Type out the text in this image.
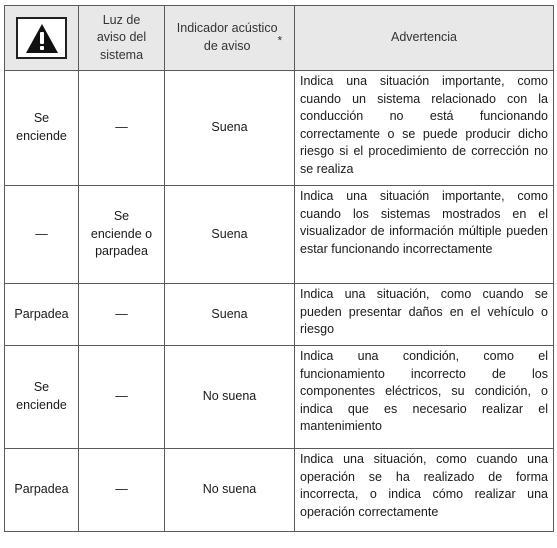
	Luz de
aviso del
sistema	Indicador acústico
de aviso *	Advertencia
Se
enciende	—	Suena	Indica una situación importante, como cuando un sistema relacionado con la conducción no está funcionando correctamente o se puede producir dicho riesgo si el procedimiento de corrección no se realiza
—	Se
enciende o
parpadea	Suena	Indica una situación importante, como cuando los sistemas mostrados en el visualizador de información múltiple pueden estar funcionando incorrectamente
Parpadea	—	Suena	Indica una situación, como cuando se pueden presentar daños en el vehículo o riesgo
Se
enciende	—	No suena	Indica una condición, como el funcionamiento incorrecto de los componentes eléctricos, su condición, o indica que es necesario realizar el mantenimiento
Parpadea	—	No suena	Indica una situación, como cuando una operación se ha realizado de forma incorrecta, o indica cómo realizar una operación correctamente
